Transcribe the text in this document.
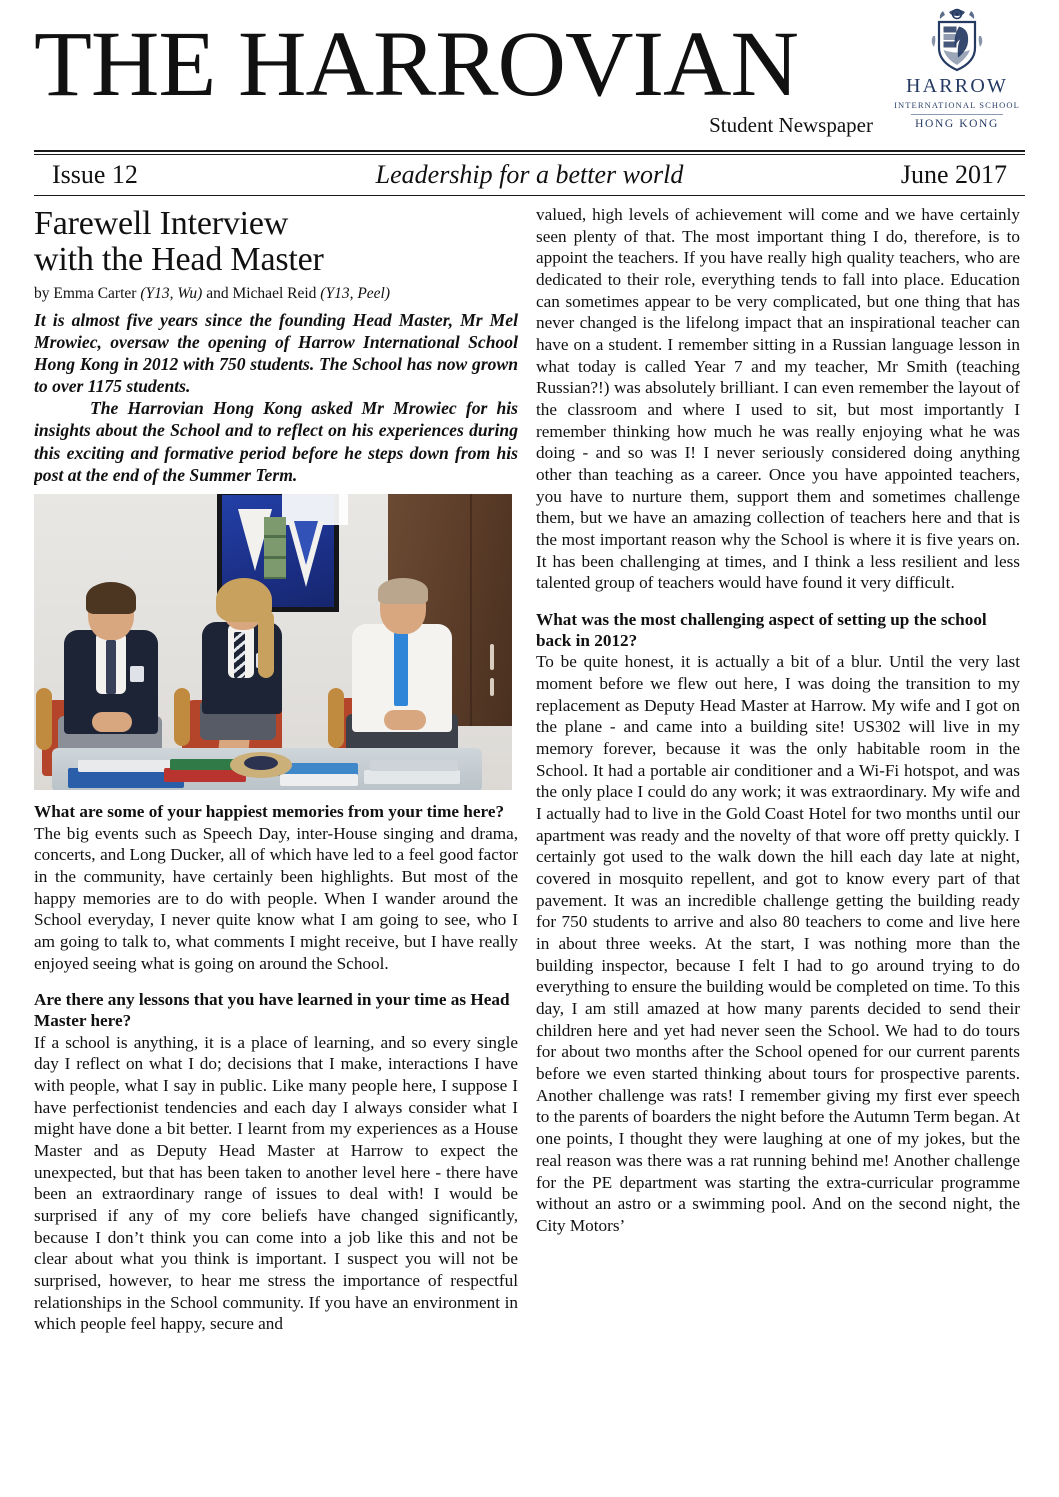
THE HARROVIAN	HARROW
INTERNATIONAL SCHOOL
HONG KONG
Student Newspaper
Issue 12	Leadership for a better world	June 2017
Farewell Interview
with the Head Master
by Emma Carter (Y13, Wu) and Michael Reid (Y13, Peel)

It is almost five years since the founding Head Master, Mr Mel Mrowiec, oversaw the opening of Harrow International School Hong Kong in 2012 with 750 students. The School has now grown to over 1175 students.

The Harrovian Hong Kong asked Mr Mrowiec for his insights about the School and to reflect on his experiences during this exciting and formative period before he steps down from his post at the end of the Summer Term.

What are some of your happiest memories from your time here?

The big events such as Speech Day, inter-House singing and drama, concerts, and Long Ducker, all of which have led to a feel good factor in the community, have certainly been highlights. But most of the happy memories are to do with people. When I wander around the School everyday, I never quite know what I am going to see, who I am going to talk to, what comments I might receive, but I have really enjoyed seeing what is going on around the School.

Are there any lessons that you have learned in your time as Head Master here?

If a school is anything, it is a place of learning, and so every single day I reflect on what I do; decisions that I make, interactions I have with people, what I say in public. Like many people here, I suppose I have perfectionist tendencies and each day I always consider what I might have done a bit better. I learnt from my experiences as a House Master and as Deputy Head Master at Harrow to expect the unexpected, but that has been taken to another level here - there have been an extraordinary range of issues to deal with! I would be surprised if any of my core beliefs have changed significantly, because I don’t think you can come into a job like this and not be clear about what you think is important. I suspect you will not be surprised, however, to hear me stress the importance of respectful relationships in the School community. If you have an environment in which people feel happy, secure and

valued, high levels of achievement will come and we have certainly seen plenty of that. The most important thing I do, therefore, is to appoint the teachers. If you have really high quality teachers, who are dedicated to their role, everything tends to fall into place. Education can sometimes appear to be very complicated, but one thing that has never changed is the lifelong impact that an inspirational teacher can have on a student. I remember sitting in a Russian language lesson in what today is called Year 7 and my teacher, Mr Smith (teaching Russian?!) was absolutely brilliant. I can even remember the layout of the classroom and where I used to sit, but most importantly I remember thinking how much he was really enjoying what he was doing - and so was I! I never seriously considered doing anything other than teaching as a career. Once you have appointed teachers, you have to nurture them, support them and sometimes challenge them, but we have an amazing collection of teachers here and that is the most important reason why the School is where it is five years on. It has been challenging at times, and I think a less resilient and less talented group of teachers would have found it very difficult.

What was the most challenging aspect of setting up the school back in 2012?

To be quite honest, it is actually a bit of a blur. Until the very last moment before we flew out here, I was doing the transition to my replacement as Deputy Head Master at Harrow. My wife and I got on the plane - and came into a building site! US302 will live in my memory forever, because it was the only habitable room in the School. It had a portable air conditioner and a Wi-Fi hotspot, and was the only place I could do any work; it was extraordinary. My wife and I actually had to live in the Gold Coast Hotel for two months until our apartment was ready and the novelty of that wore off pretty quickly. I certainly got used to the walk down the hill each day late at night, covered in mosquito repellent, and got to know every part of that pavement. It was an incredible challenge getting the building ready for 750 students to arrive and also 80 teachers to come and live here in about three weeks. At the start, I was nothing more than the building inspector, because I felt I had to go around trying to do everything to ensure the building would be completed on time. To this day, I am still amazed at how many parents decided to send their children here and yet had never seen the School. We had to do tours for about two months after the School opened for our current parents before we even started thinking about tours for prospective parents. Another challenge was rats! I remember giving my first ever speech to the parents of boarders the night before the Autumn Term began. At one points, I thought they were laughing at one of my jokes, but the real reason was there was a rat running behind me! Another challenge for the PE department was starting the extra-curricular programme without an astro or a swimming pool. And on the second night, the City Motors’
